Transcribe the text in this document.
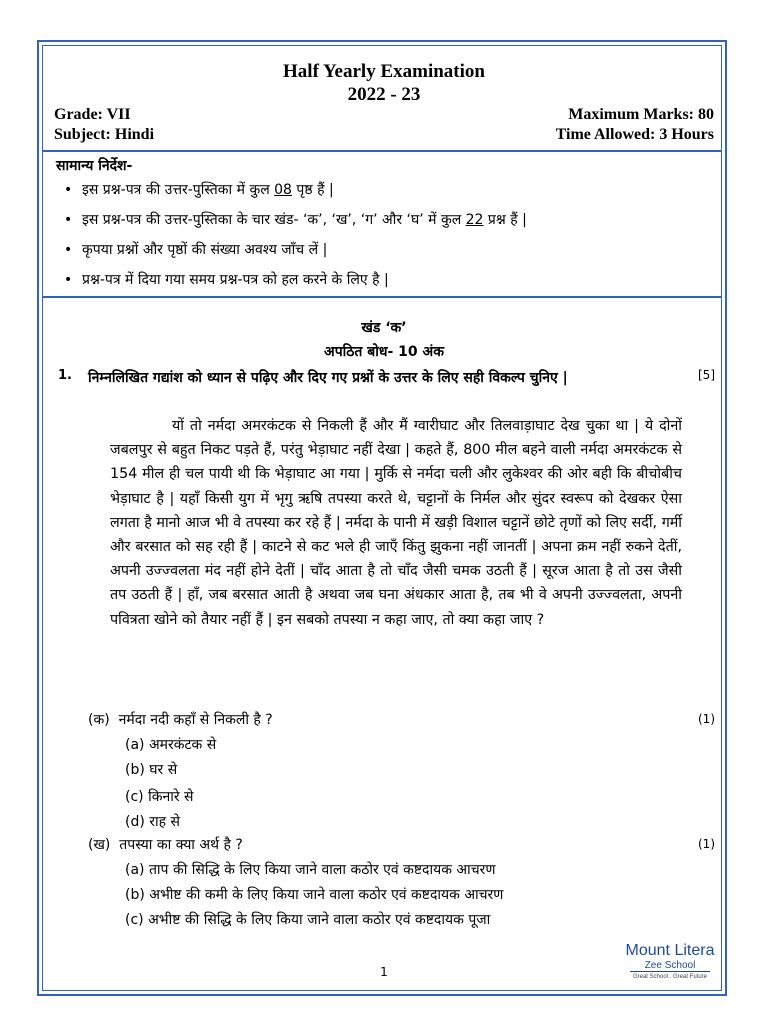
Half Yearly Examination
2022 - 23
Grade: VII
Subject: Hindi
Maximum Marks: 80
Time Allowed: 3 Hours
सामान्य निर्देश-
• इस प्रश्न-पत्र की उत्तर-पुस्तिका में कुल 08 पृष्ठ हैं |
• इस प्रश्न-पत्र की उत्तर-पुस्तिका के चार खंड- ‘क’, ‘ख’, ‘ग’ और ‘घ’ में कुल 22 प्रश्न हैं |
• कृपया प्रश्नों और पृष्ठों की संख्या अवश्य जाँच लें |
• प्रश्न-पत्र में दिया गया समय प्रश्न-पत्र को हल करने के लिए है |
खंड ‘क’
अपठित बोध- 10 अंक
1. निम्नलिखित गद्यांश को ध्यान से पढ़िए और दिए गए प्रश्नों के उत्तर के लिए सही विकल्प चुनिए |	[5]
यों तो नर्मदा अमरकंटक से निकली हैं और मैं ग्वारीघाट और तिलवाड़ाघाट देख चुका था | ये दोनों जबलपुर से बहुत निकट पड़ते हैं, परंतु भेड़ाघाट नहीं देखा | कहते हैं, 800 मील बहने वाली नर्मदा अमरकंटक से 154 मील ही चल पायी थी कि भेड़ाघाट आ गया | मुर्कि से नर्मदा चली और लुकेश्वर की ओर बही कि बीचोबीच भेड़ाघाट है | यहाँ किसी युग में भृगु ऋषि तपस्या करते थे, चट्टानों के निर्मल और सुंदर स्वरूप को देखकर ऐसा लगता है मानो आज भी वे तपस्या कर रहे हैं | नर्मदा के पानी में खड़ी विशाल चट्टानें छोटे तृणों को लिए सर्दी, गर्मी और बरसात को सह रही हैं | काटने से कट भले ही जाएँ किंतु झुकना नहीं जानतीं | अपना क्रम नहीं रुकने देतीं, अपनी उज्ज्वलता मंद नहीं होने देतीं | चाँद आता है तो चाँद जैसी चमक उठती हैं | सूरज आता है तो उस जैसी तप उठती हैं | हाँ, जब बरसात आती है अथवा जब घना अंधकार आता है, तब भी वे अपनी उज्ज्वलता, अपनी पवित्रता खोने को तैयार नहीं हैं | इन सबको तपस्या न कहा जाए, तो क्या कहा जाए ?
(क) नर्मदा नदी कहाँ से निकली है ?	(1)
(a) अमरकंटक से
(b) घर से
(c) किनारे से
(d) राह से
(ख) तपस्या का क्या अर्थ है ?	(1)
(a) ताप की सिद्धि के लिए किया जाने वाला कठोर एवं कष्टदायक आचरण
(b) अभीष्ट की कमी के लिए किया जाने वाला कठोर एवं कष्टदायक आचरण
(c) अभीष्ट की सिद्धि के लिए किया जाने वाला कठोर एवं कष्टदायक पूजा
1
Mount Litera
Zee School
Great School . Great Future
